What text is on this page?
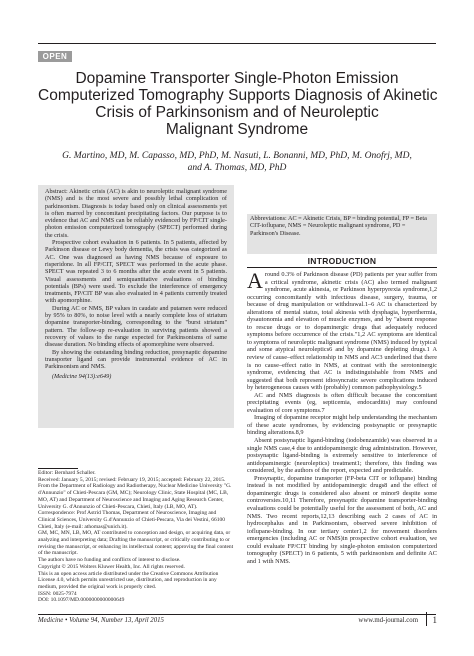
OPEN
Dopamine Transporter Single-Photon Emission
Computerized Tomography Supports Diagnosis of Akinetic
Crisis of Parkinsonism and of Neuroleptic
Malignant Syndrome
G. Martino, MD, M. Capasso, MD, PhD, M. Nasuti, L. Bonanni, MD, PhD, M. Onofrj, MD,
and A. Thomas, MD, PhD

Abstract: Akinetic crisis (AC) is akin to neuroleptic malignant syndrome (NMS) and is the most severe and possibly lethal complication of parkinsonism. Diagnosis is today based only on clinical assessments yet is often marred by concomitant precipitating factors. Our purpose is to evidence that AC and NMS can be reliably evidenced by FP/CIT single-photon emission computerized tomography (SPECT) performed during the crisis.

Prospective cohort evaluation in 6 patients. In 5 patients, affected by Parkinson disease or Lewy body dementia, the crisis was categorized as AC. One was diagnosed as having NMS because of exposure to risperidone. In all FP/CIT, SPECT was performed in the acute phase. SPECT was repeated 3 to 6 months after the acute event in 5 patients. Visual assessments and semiquantitative evaluations of binding potentials (BPs) were used. To exclude the interference of emergency treatments, FP/CIT BP was also evaluated in 4 patients currently treated with apomorphine.

During AC or NMS, BP values in caudate and putamen were reduced by 95% to 80%, to noise level with a nearly complete loss of striatum dopamine transporter-binding, corresponding to the "burst striatum" pattern. The follow-up re-evaluation in surviving patients showed a recovery of values to the range expected for Parkinsonisms of same disease duration. No binding effects of apomorphine were observed.

By showing the outstanding binding reduction, presynaptic dopamine transporter ligand can provide instrumental evidence of AC in Parkinsonism and NMS.

(Medicine 94(13):e649)

Abbreviations: AC = Akinetic Crisis, BP = binding potential, FP = Beta CIT-ioflupane, NMS = Neuroleptic malignant syndrome, PD = Parkinson's Disease.
INTRODUCTION

Around 0.3% of Parkinson disease (PD) patients per year suffer from a critical syndrome, akinetic crisis (AC) also termed malignant syndrome, acute akinesia, or Parkinson hyperpyrexia syndrome,1,2 occurring concomitantly with infectious disease, surgery, trauma, or because of drug manipulation or withdrawal.1–6 AC is characterized by alterations of mental status, total akinesia with dysphagia, hyperthermia, dysautonomia and elevation of muscle enzymes, and by "absent response to rescue drugs or to dopaminergic drugs that adequately reduced symptoms before occurrence of the crisis."1,2 AC symptoms are identical to symptoms of neuroleptic malignant syndrome (NMS) induced by typical and some atypical neuroleptics6 and by dopamine depleting drugs.1 A review of cause–effect relationship in NMS and AC3 underlined that there is no cause–effect ratio in NMS, at contrast with the serotoninergic syndrome, evidencing that AC is indistinguishable from NMS and suggested that both represent idiosyncratic severe complications induced by heterogeneous causes with (probably) common pathophysiology.5

AC and NMS diagnosis is often difficult because the concomitant precipitating events (eg, septicemia, endocarditis) may confound evaluation of core symptoms.7

Imaging of dopamine receptor might help understanding the mechanism of these acute syndromes, by evidencing postsynaptic or presynaptic binding alterations.8,9

Absent postsynaptic ligand-binding (iodobenzamide) was observed in a single NMS case,4 due to antidopaminergic drug administration. However, postsynaptic ligand-binding is extremely sensitive to interference of antidopaminergic (neuroleptics) treatment1; therefore, this finding was considered, by the authors of the report, expected and predictable.

Presynaptic, dopamine transporter (FP-beta CIT or ioflupane) binding instead is not modified by antidopaminergic drugs8 and the effect of dopaminergic drugs is considered also absent or minor9 despite some controversies.10,11 Therefore, presynaptic dopamine transporter-binding evaluations could be potentially useful for the assessment of both, AC and NMS. Two recent reports,12,13 describing each 2 cases of AC in hydrocephalus and in Parkinsonism, observed severe inhibition of ioflupane-binding. In our tertiary center1,2 for movement disorders emergencies (including AC or NMS)in prospective cohort evaluation, we could evaluate FP/CIT binding by single-photon emission computerized tomography (SPECT) in 6 patients, 5 with parkinsonism and definite AC and 1 with NMS.

Editor: Bernhard Schaller.
Received: January 5, 2015; revised: February 19, 2015; accepted: February 22, 2015.
From the Department of Radiology and Radiotherapy, Nuclear Medicine University "G. d'Annunzio" of Chieti-Pescara (GM, MC); Neurology Clinic, State Hospital (MC, LB, MO, AT) and Department of Neuroscience and Imaging and Aging Research Center, University G. d'Annunzio of Chieti-Pescara, Chieti, Italy (LB, MO, AT).
Correspondence: Prof Astrid Thomas, Department of Neuroscience, Imaging and Clinical Sciences, University G.d'Annunzio of Chieti-Pescara, Via dei Vestini, 66100 Chieti, Italy (e-mail: athomas@unich.it).
GM, MC, MN, LB, MO, AT contributed to conception and design, or acquiring data, or analyzing and interpreting data; Drafting the manuscript, or critically contributing to or revising the manuscript, or enhancing its intellectual content; approving the final content of the manuscript.
The authors have no funding and conflicts of interest to disclose.
Copyright © 2015 Wolters Kluwer Health, Inc. All rights reserved.
This is an open access article distributed under the Creative Commons Attribution License 4.0, which permits unrestricted use, distribution, and reproduction in any medium, provided the original work is properly cited.
ISSN: 0025-7974
DOI: 10.1097/MD.0000000000000649
Medicine • Volume 94, Number 13, April 2015	www.md-journal.com 1
